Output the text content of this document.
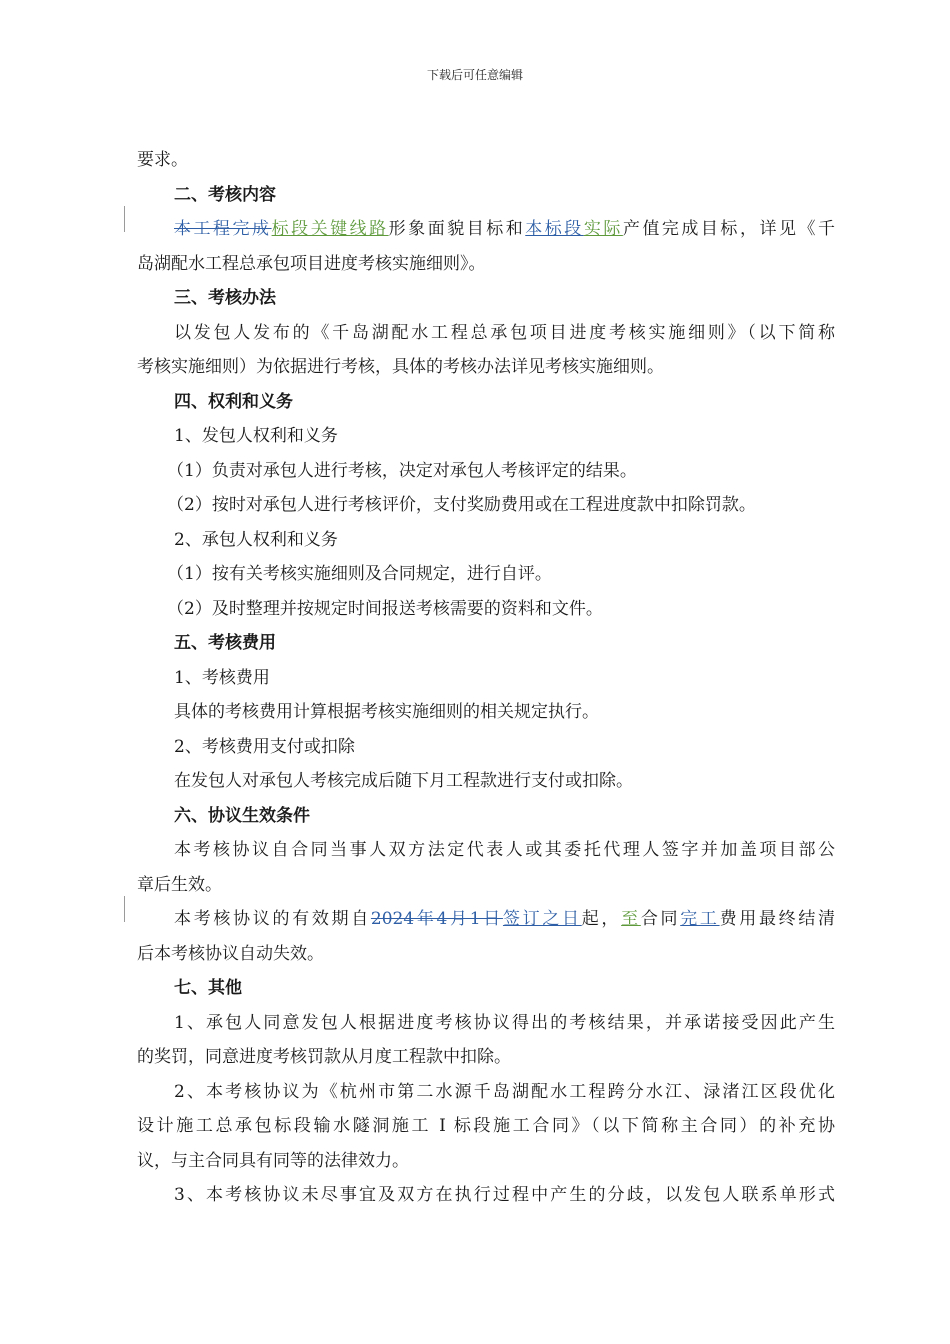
下载后可任意编辑

要求。

二、考核内容

本工程完成标段关键线路形象面貌目标和本标段实际产值完成目标，详见《千

岛湖配水工程总承包项目进度考核实施细则》。

三、考核办法

以发包人发布的《千岛湖配水工程总承包项目进度考核实施细则》（以下简称

考核实施细则）为依据进行考核，具体的考核办法详见考核实施细则。

四、权利和义务

1、发包人权利和义务

（1）负责对承包人进行考核，决定对承包人考核评定的结果。

（2）按时对承包人进行考核评价，支付奖励费用或在工程进度款中扣除罚款。

2、承包人权利和义务

（1）按有关考核实施细则及合同规定，进行自评。

（2）及时整理并按规定时间报送考核需要的资料和文件。

五、考核费用

1、考核费用

具体的考核费用计算根据考核实施细则的相关规定执行。

2、考核费用支付或扣除

在发包人对承包人考核完成后随下月工程款进行支付或扣除。

六、协议生效条件

本考核协议自合同当事人双方法定代表人或其委托代理人签字并加盖项目部公

章后生效。

本考核协议的有效期自2024年4月1日签订之日起，至合同完工费用最终结清

后本考核协议自动失效。

七、其他

1、承包人同意发包人根据进度考核协议得出的考核结果，并承诺接受因此产生

的奖罚，同意进度考核罚款从月度工程款中扣除。

2、本考核协议为《杭州市第二水源千岛湖配水工程跨分水江、渌渚江区段优化

设计施工总承包标段输水隧洞施工 I 标段施工合同》（以下简称主合同）的补充协

议，与主合同具有同等的法律效力。

3、本考核协议未尽事宜及双方在执行过程中产生的分歧，以发包人联系单形式
